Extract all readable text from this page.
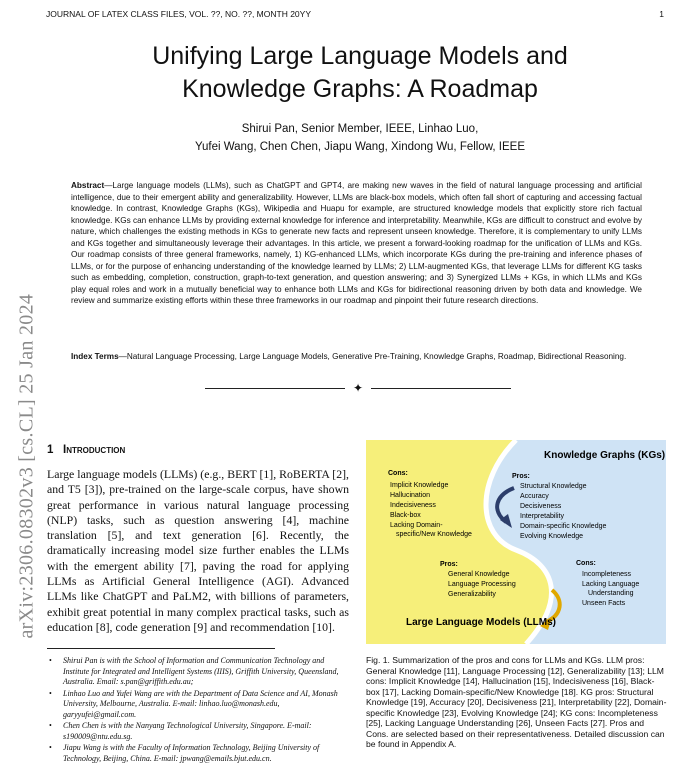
JOURNAL OF LATEX CLASS FILES, VOL. ??, NO. ??, MONTH 20YY	1
arXiv:2306.08302v3 [cs.CL] 25 Jan 2024
Unifying Large Language Models and
Knowledge Graphs: A Roadmap
Shirui Pan, Senior Member, IEEE, Linhao Luo,
Yufei Wang, Chen Chen, Jiapu Wang, Xindong Wu, Fellow, IEEE
Abstract—Large language models (LLMs), such as ChatGPT and GPT4, are making new waves in the field of natural language processing and artificial intelligence, due to their emergent ability and generalizability. However, LLMs are black-box models, which often fall short of capturing and accessing factual knowledge. In contrast, Knowledge Graphs (KGs), Wikipedia and Huapu for example, are structured knowledge models that explicitly store rich factual knowledge. KGs can enhance LLMs by providing external knowledge for inference and interpretability. Meanwhile, KGs are difficult to construct and evolve by nature, which challenges the existing methods in KGs to generate new facts and represent unseen knowledge. Therefore, it is complementary to unify LLMs and KGs together and simultaneously leverage their advantages. In this article, we present a forward-looking roadmap for the unification of LLMs and KGs. Our roadmap consists of three general frameworks, namely, 1) KG-enhanced LLMs, which incorporate KGs during the pre-training and inference phases of LLMs, or for the purpose of enhancing understanding of the knowledge learned by LLMs; 2) LLM-augmented KGs, that leverage LLMs for different KG tasks such as embedding, completion, construction, graph-to-text generation, and question answering; and 3) Synergized LLMs + KGs, in which LLMs and KGs play equal roles and work in a mutually beneficial way to enhance both LLMs and KGs for bidirectional reasoning driven by both data and knowledge. We review and summarize existing efforts within these three frameworks in our roadmap and pinpoint their future research directions.
Index Terms—Natural Language Processing, Large Language Models, Generative Pre-Training, Knowledge Graphs, Roadmap, Bidirectional Reasoning.
✦
1 Introduction
Large language models (LLMs) (e.g., BERT [1], RoBERTA [2], and T5 [3]), pre-trained on the large-scale corpus, have shown great performance in various natural language processing (NLP) tasks, such as question answering [4], machine translation [5], and text generation [6]. Recently, the dramatically increasing model size further enables the LLMs with the emergent ability [7], paving the road for applying LLMs as Artificial General Intelligence (AGI). Advanced LLMs like ChatGPT and PaLM2, with billions of parameters, exhibit great potential in many complex practical tasks, such as education [8], code generation [9] and recommendation [10].
• Shirui Pan is with the School of Information and Communication Technology and Institute for Integrated and Intelligent Systems (IIIS), Griffith University, Queensland, Australia. Email: s.pan@griffith.edu.au;
• Linhao Luo and Yufei Wang are with the Department of Data Science and AI, Monash University, Melbourne, Australia. E-mail: linhao.luo@monash.edu, garyyufei@gmail.com.
• Chen Chen is with the Nanyang Technological University, Singapore. E-mail: s190009@ntu.edu.sg.
• Jiapu Wang is with the Faculty of Information Technology, Beijing University of Technology, Beijing, China. E-mail: jpwang@emails.bjut.edu.cn.
Knowledge Graphs (KGs)
Cons:
Implicit Knowledge
Hallucination
Indecisiveness
Black-box
Lacking Domain-
specific/New Knowledge
Pros:
Structural Knowledge
Accuracy
Decisiveness
Interpretability
Domain-specific Knowledge
Evolving Knowledge
Pros:
General Knowledge
Language Processing
Generalizability
Cons:
Incompleteness
Lacking Language
Understanding
Unseen Facts
Large Language Models (LLMs)
Fig. 1. Summarization of the pros and cons for LLMs and KGs. LLM pros: General Knowledge [11], Language Processing [12], Generalizability [13]; LLM cons: Implicit Knowledge [14], Hallucination [15], Indecisiveness [16], Black-box [17], Lacking Domain-specific/New Knowledge [18]. KG pros: Structural Knowledge [19], Accuracy [20], Decisiveness [21], Interpretability [22], Domain-specific Knowledge [23], Evolving Knowledge [24]; KG cons: Incompleteness [25], Lacking Language Understanding [26], Unseen Facts [27]. Pros and Cons. are selected based on their representativeness. Detailed discussion can be found in Appendix A.
